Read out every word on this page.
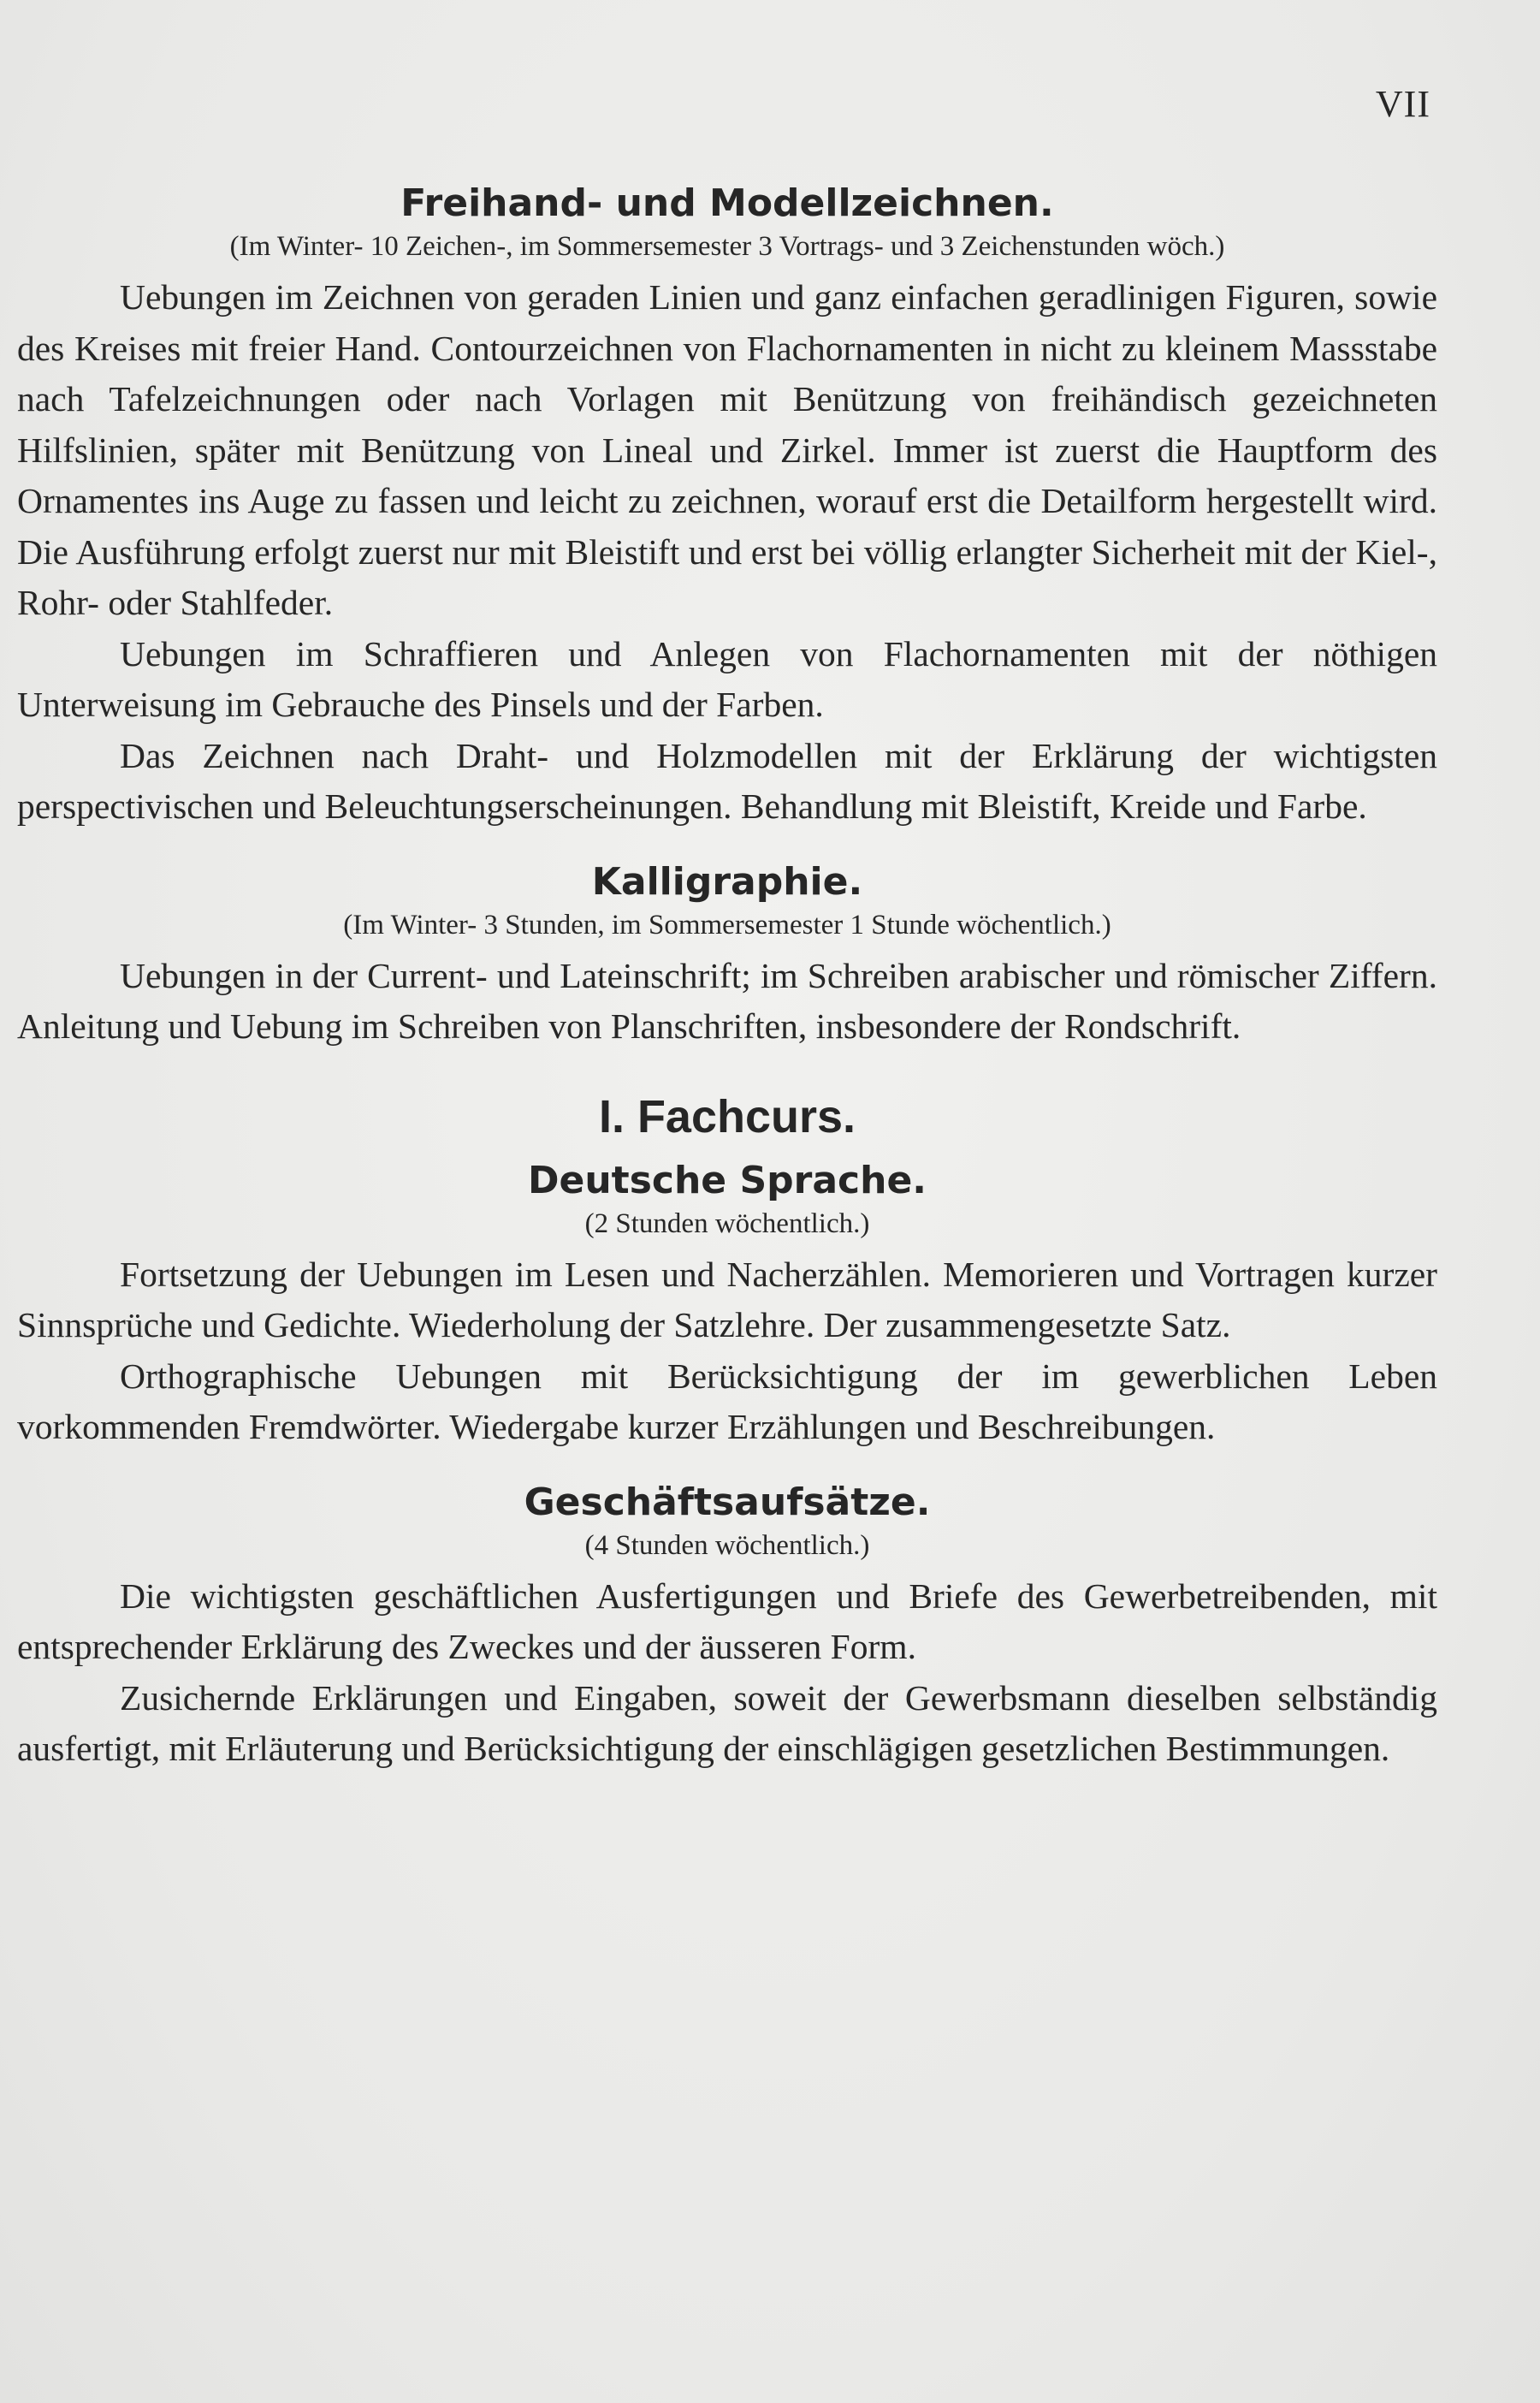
VII
Freihand- und Modellzeichnen.

(Im Winter- 10 Zeichen-, im Sommersemester 3 Vortrags- und 3 Zeichenstunden wöch.)

Uebungen im Zeichnen von geraden Linien und ganz einfachen geradlinigen Figuren, sowie des Kreises mit freier Hand. Contourzeichnen von Flachornamenten in nicht zu kleinem Massstabe nach Tafelzeichnungen oder nach Vorlagen mit Benützung von freihändisch gezeichneten Hilfslinien, später mit Benützung von Lineal und Zirkel. Immer ist zuerst die Hauptform des Ornamentes ins Auge zu fassen und leicht zu zeichnen, worauf erst die Detailform hergestellt wird. Die Ausführung erfolgt zuerst nur mit Bleistift und erst bei völlig erlangter Sicherheit mit der Kiel-, Rohr- oder Stahlfeder.

Uebungen im Schraffieren und Anlegen von Flachornamenten mit der nöthigen Unterweisung im Gebrauche des Pinsels und der Farben.

Das Zeichnen nach Draht- und Holzmodellen mit der Erklärung der wichtigsten perspectivischen und Beleuchtungserscheinungen. Behandlung mit Bleistift, Kreide und Farbe.

Kalligraphie.

(Im Winter- 3 Stunden, im Sommersemester 1 Stunde wöchentlich.)

Uebungen in der Current- und Lateinschrift; im Schreiben arabischer und römischer Ziffern. Anleitung und Uebung im Schreiben von Planschriften, insbesondere der Rondschrift.

I. Fachcurs.
Deutsche Sprache.

(2 Stunden wöchentlich.)

Fortsetzung der Uebungen im Lesen und Nacherzählen. Memorieren und Vortragen kurzer Sinnsprüche und Gedichte. Wiederholung der Satzlehre. Der zusammengesetzte Satz.

Orthographische Uebungen mit Berücksichtigung der im gewerblichen Leben vorkommenden Fremdwörter. Wiedergabe kurzer Erzählungen und Beschreibungen.

Geschäftsaufsätze.

(4 Stunden wöchentlich.)

Die wichtigsten geschäftlichen Ausfertigungen und Briefe des Gewerbetreibenden, mit entsprechender Erklärung des Zweckes und der äusseren Form.

Zusichernde Erklärungen und Eingaben, soweit der Gewerbsmann dieselben selbständig ausfertigt, mit Erläuterung und Berücksichtigung der einschlägigen gesetzlichen Bestimmungen.
